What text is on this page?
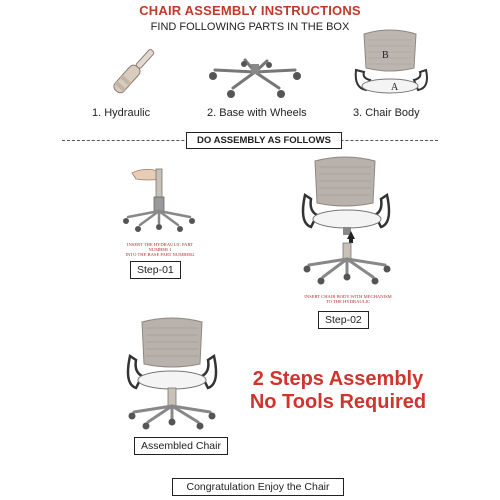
CHAIR ASSEMBLY INSTRUCTIONS
FIND FOLLOWING PARTS IN THE BOX
1. Hydraulic	2. Base with Wheels
B
A
3. Chair Body
DO ASSEMBLY AS FOLLOWS
INSERT THE HYDRAULIC PART NUMBER 1
INTO THE BASE PART NUMBER2
Step-01
INSERT CHAIR BODY WITH MECHANISM
TO THE HYDRAULIC
Step-02
Assembled Chair
2 Steps Assembly
No Tools Required
Congratulation Enjoy the Chair
